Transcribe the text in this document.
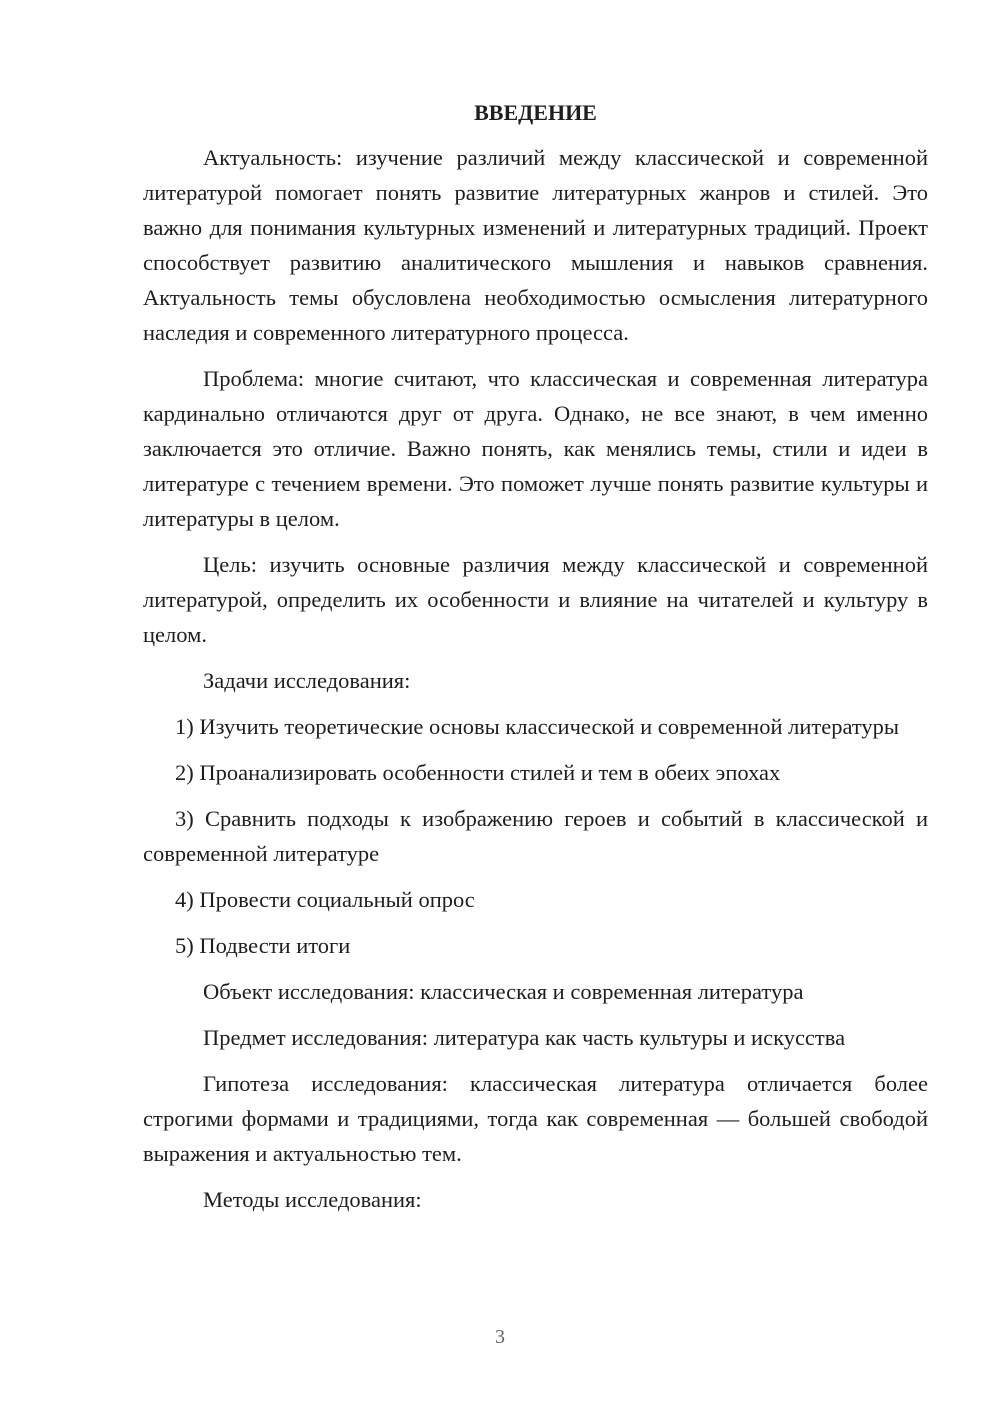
ВВЕДЕНИЕ

Актуальность: изучение различий между классической и современной литературой помогает понять развитие литературных жанров и стилей. Это важно для понимания культурных изменений и литературных традиций. Проект способствует развитию аналитического мышления и навыков сравнения. Актуальность темы обусловлена необходимостью осмысления литературного наследия и современного литературного процесса.

Проблема: многие считают, что классическая и современная литература кардинально отличаются друг от друга. Однако, не все знают, в чем именно заключается это отличие. Важно понять, как менялись темы, стили и идеи в литературе с течением времени. Это поможет лучше понять развитие культуры и литературы в целом.

Цель: изучить основные различия между классической и современной литературой, определить их особенности и влияние на читателей и культуру в целом.

Задачи исследования:

1) Изучить теоретические основы классической и современной литературы

2) Проанализировать особенности стилей и тем в обеих эпохах

3) Сравнить подходы к изображению героев и событий в классической и современной литературе

4) Провести социальный опрос

5) Подвести итоги

Объект исследования: классическая и современная литература

Предмет исследования: литература как часть культуры и искусства

Гипотеза исследования: классическая литература отличается более строгими формами и традициями, тогда как современная — большей свободой выражения и актуальностью тем.

Методы исследования:

3
